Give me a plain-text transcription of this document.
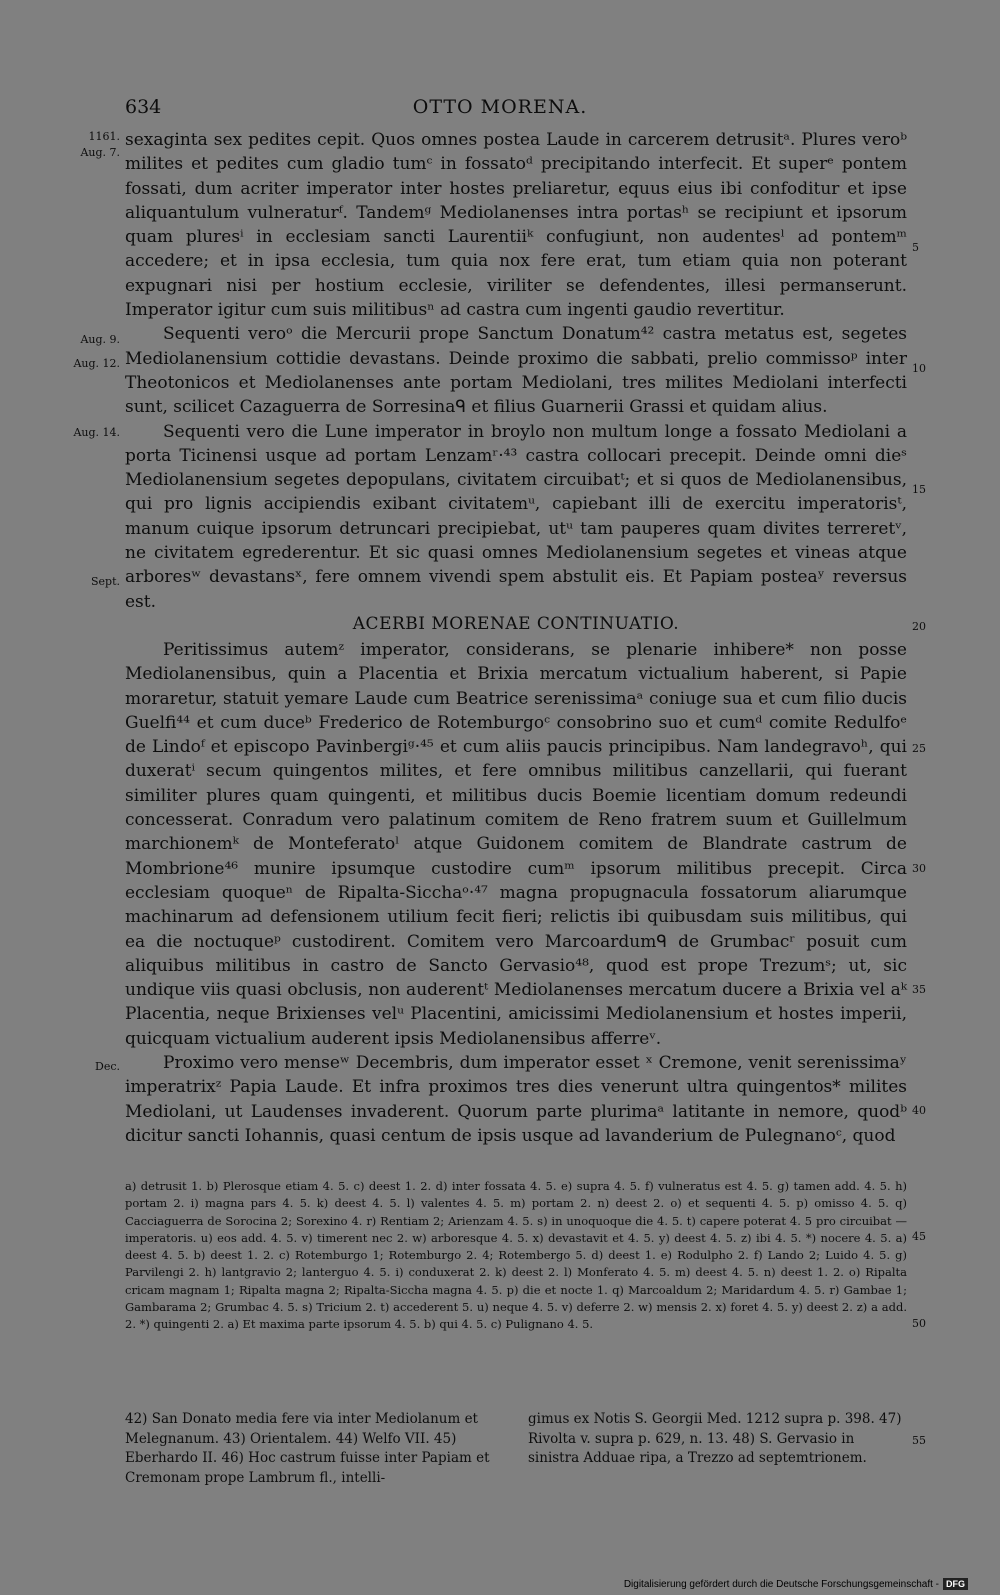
634	OTTO MORENA.
1161.
Aug. 7.
Aug. 9.
Aug. 12.
Aug. 14.
Sept.
Dec.
5
10
15
20
25
30
35
40
45
50
55

sexaginta sex pedites cepit. Quos omnes postea Laude in carcerem detrusitᵃ. Plures veroᵇ milites et pedites cum gladio tumᶜ in fossatoᵈ precipitando interfecit. Et superᵉ pontem fossati, dum acriter imperator inter hostes preliaretur, equus eius ibi confoditur et ipse aliquantulum vulneraturᶠ. Tandemᵍ Mediolanenses intra portasʰ se recipiunt et ipsorum quam pluresⁱ in ecclesiam sancti Laurentiiᵏ confugiunt, non audentesˡ ad pontemᵐ accedere; et in ipsa ecclesia, tum quia nox fere erat, tum etiam quia non poterant expugnari nisi per hostium ecclesie, viriliter se defendentes, illesi permanserunt. Imperator igitur cum suis militibusⁿ ad castra cum ingenti gaudio revertitur.

Sequenti veroᵒ die Mercurii prope Sanctum Donatum⁴² castra metatus est, segetes Mediolanensium cottidie devastans. Deinde proximo die sabbati, prelio commissoᵖ inter Theotonicos et Mediolanenses ante portam Mediolani, tres milites Mediolani interfecti sunt, scilicet Cazaguerra de Sorresinaᑫ et filius Guarnerii Grassi et quidam alius.

Sequenti vero die Lune imperator in broylo non multum longe a fossato Mediolani a porta Ticinensi usque ad portam Lenzamʳ·⁴³ castra collocari precepit. Deinde omni dieˢ Mediolanensium segetes depopulans, civitatem circuibatᵗ; et si quos de Mediolanensibus, qui pro lignis accipiendis exibant civitatemᵘ, capiebant illi de exercitu imperatorisᵗ, manum cuique ipsorum detruncari precipiebat, utᵘ tam pauperes quam divites terreretᵛ, ne civitatem egrederentur. Et sic quasi omnes Mediolanensium segetes et vineas atque arboresʷ devastansˣ, fere omnem vivendi spem abstulit eis. Et Papiam posteaʸ reversus est.

ACERBI MORENAE CONTINUATIO.

Peritissimus autemᶻ imperator, considerans, se plenarie inhibere* non posse Mediolanensibus, quin a Placentia et Brixia mercatum victualium haberent, si Papie moraretur, statuit yemare Laude cum Beatrice serenissimaᵃ coniuge sua et cum filio ducis Guelfi⁴⁴ et cum duceᵇ Frederico de Rotemburgoᶜ consobrino suo et cumᵈ comite Redulfoᵉ de Lindoᶠ et episcopo Pavinbergiᵍ·⁴⁵ et cum aliis paucis principibus. Nam landegravoʰ, qui duxeratⁱ secum quingentos milites, et fere omnibus militibus canzellarii, qui fuerant similiter plures quam quingenti, et militibus ducis Boemie licentiam domum redeundi concesserat. Conradum vero palatinum comitem de Reno fratrem suum et Guillelmum marchionemᵏ de Monteferatoˡ atque Guidonem comitem de Blandrate castrum de Mombrione⁴⁶ munire ipsumque custodire cumᵐ ipsorum militibus precepit. Circa ecclesiam quoqueⁿ de Ripalta-Sicchaᵒ·⁴⁷ magna propugnacula fossatorum aliarumque machinarum ad defensionem utilium fecit fieri; relictis ibi quibusdam suis militibus, qui ea die noctuqueᵖ custodirent. Comitem vero Marcoardumᑫ de Grumbacʳ posuit cum aliquibus militibus in castro de Sancto Gervasio⁴⁸, quod est prope Trezumˢ; ut, sic undique viis quasi obclusis, non auderentᵗ Mediolanenses mercatum ducere a Brixia vel aᵏ Placentia, neque Brixienses velᵘ Placentini, amicissimi Mediolanensium et hostes imperii, quicquam victualium auderent ipsis Mediolanensibus afferreᵛ.

Proximo vero menseʷ Decembris, dum imperator esset ˣ Cremone, venit serenissimaʸ imperatrixᶻ Papia Laude. Et infra proximos tres dies venerunt ultra quingentos* milites Mediolani, ut Laudenses invaderent. Quorum parte plurimaᵃ latitante in nemore, quodᵇ dicitur sancti Iohannis, quasi centum de ipsis usque ad lavanderium de Pulegnanoᶜ, quod

a) detrusit 1. b) Plerosque etiam 4. 5. c) deest 1. 2. d) inter fossata 4. 5. e) supra 4. 5. f) vulneratus est 4. 5. g) tamen add. 4. 5. h) portam 2. i) magna pars 4. 5. k) deest 4. 5. l) valentes 4. 5. m) portam 2. n) deest 2. o) et sequenti 4. 5. p) omisso 4. 5. q) Cacciaguerra de Sorocina 2; Sorexino 4. r) Rentiam 2; Arienzam 4. 5. s) in unoquoque die 4. 5. t) capere poterat 4. 5 pro circuibat — imperatoris. u) eos add. 4. 5. v) timerent nec 2. w) arboresque 4. 5. x) devastavit et 4. 5. y) deest 4. 5. z) ibi 4. 5. *) nocere 4. 5. a) deest 4. 5. b) deest 1. 2. c) Rotemburgo 1; Rotemburgo 2. 4; Rotembergo 5. d) deest 1. e) Rodulpho 2. f) Lando 2; Luido 4. 5. g) Parvilengi 2. h) lantgravio 2; lanterguo 4. 5. i) conduxerat 2. k) deest 2. l) Monferato 4. 5. m) deest 4. 5. n) deest 1. 2. o) Ripalta cricam magnam 1; Ripalta magna 2; Ripalta-Siccha magna 4. 5. p) die et nocte 1. q) Marcoaldum 2; Maridardum 4. 5. r) Gambae 1; Gambarama 2; Grumbac 4. 5. s) Tricium 2. t) accederent 5. u) neque 4. 5. v) deferre 2. w) mensis 2. x) foret 4. 5. y) deest 2. z) a add. 2. *) quingenti 2. a) Et maxima parte ipsorum 4. 5. b) qui 4. 5. c) Pulignano 4. 5.
42) San Donato media fere via inter Mediolanum et Melegnanum. 43) Orientalem. 44) Welfo VII. 45) Eberhardo II. 46) Hoc castrum fuisse inter Papiam et Cremonam prope Lambrum fl., intelli-
gimus ex Notis S. Georgii Med. 1212 supra p. 398. 47) Rivolta v. supra p. 629, n. 13. 48) S. Gervasio in sinistra Adduae ripa, a Trezzo ad septemtrionem.
Digitalisierung gefördert durch die Deutsche Forschungsgemeinschaft - DFG
